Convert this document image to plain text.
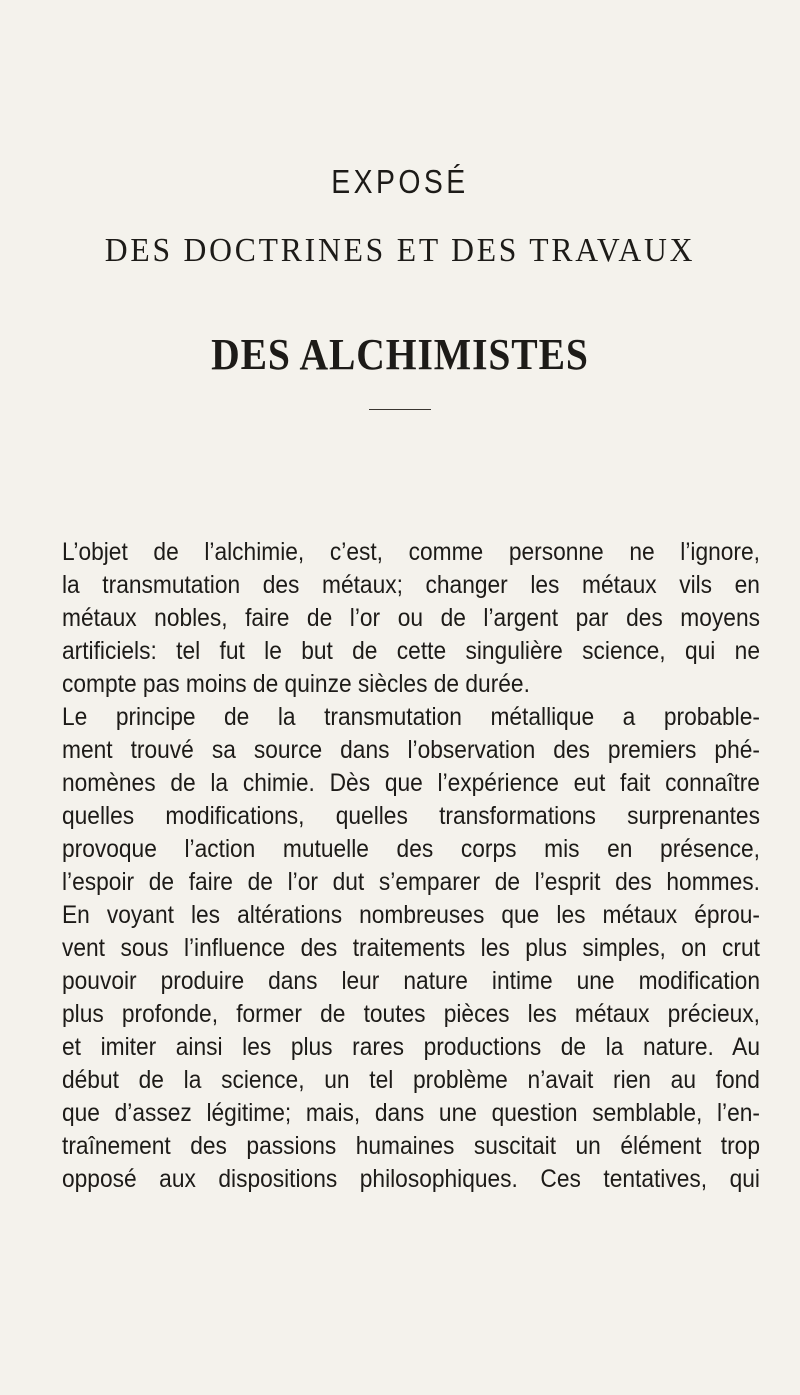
EXPOSÉ
DES DOCTRINES ET DES TRAVAUX
DES ALCHIMISTES
L’objet de l’alchimie, c’est, comme personne ne l’ignore,
la transmutation des métaux; changer les métaux vils en
métaux nobles, faire de l’or ou de l’argent par des moyens
artificiels: tel fut le but de cette singulière science, qui ne
compte pas moins de quinze siècles de durée.
Le principe de la transmutation métallique a probable-
ment trouvé sa source dans l’observation des premiers phé-
nomènes de la chimie. Dès que l’expérience eut fait connaître
quelles modifications, quelles transformations surprenantes
provoque l’action mutuelle des corps mis en présence,
l’espoir de faire de l’or dut s’emparer de l’esprit des hommes.
En voyant les altérations nombreuses que les métaux éprou-
vent sous l’influence des traitements les plus simples, on crut
pouvoir produire dans leur nature intime une modification
plus profonde, former de toutes pièces les métaux précieux,
et imiter ainsi les plus rares productions de la nature. Au
début de la science, un tel problème n’avait rien au fond
que d’assez légitime; mais, dans une question semblable, l’en-
traînement des passions humaines suscitait un élément trop
opposé aux dispositions philosophiques. Ces tentatives, qui
